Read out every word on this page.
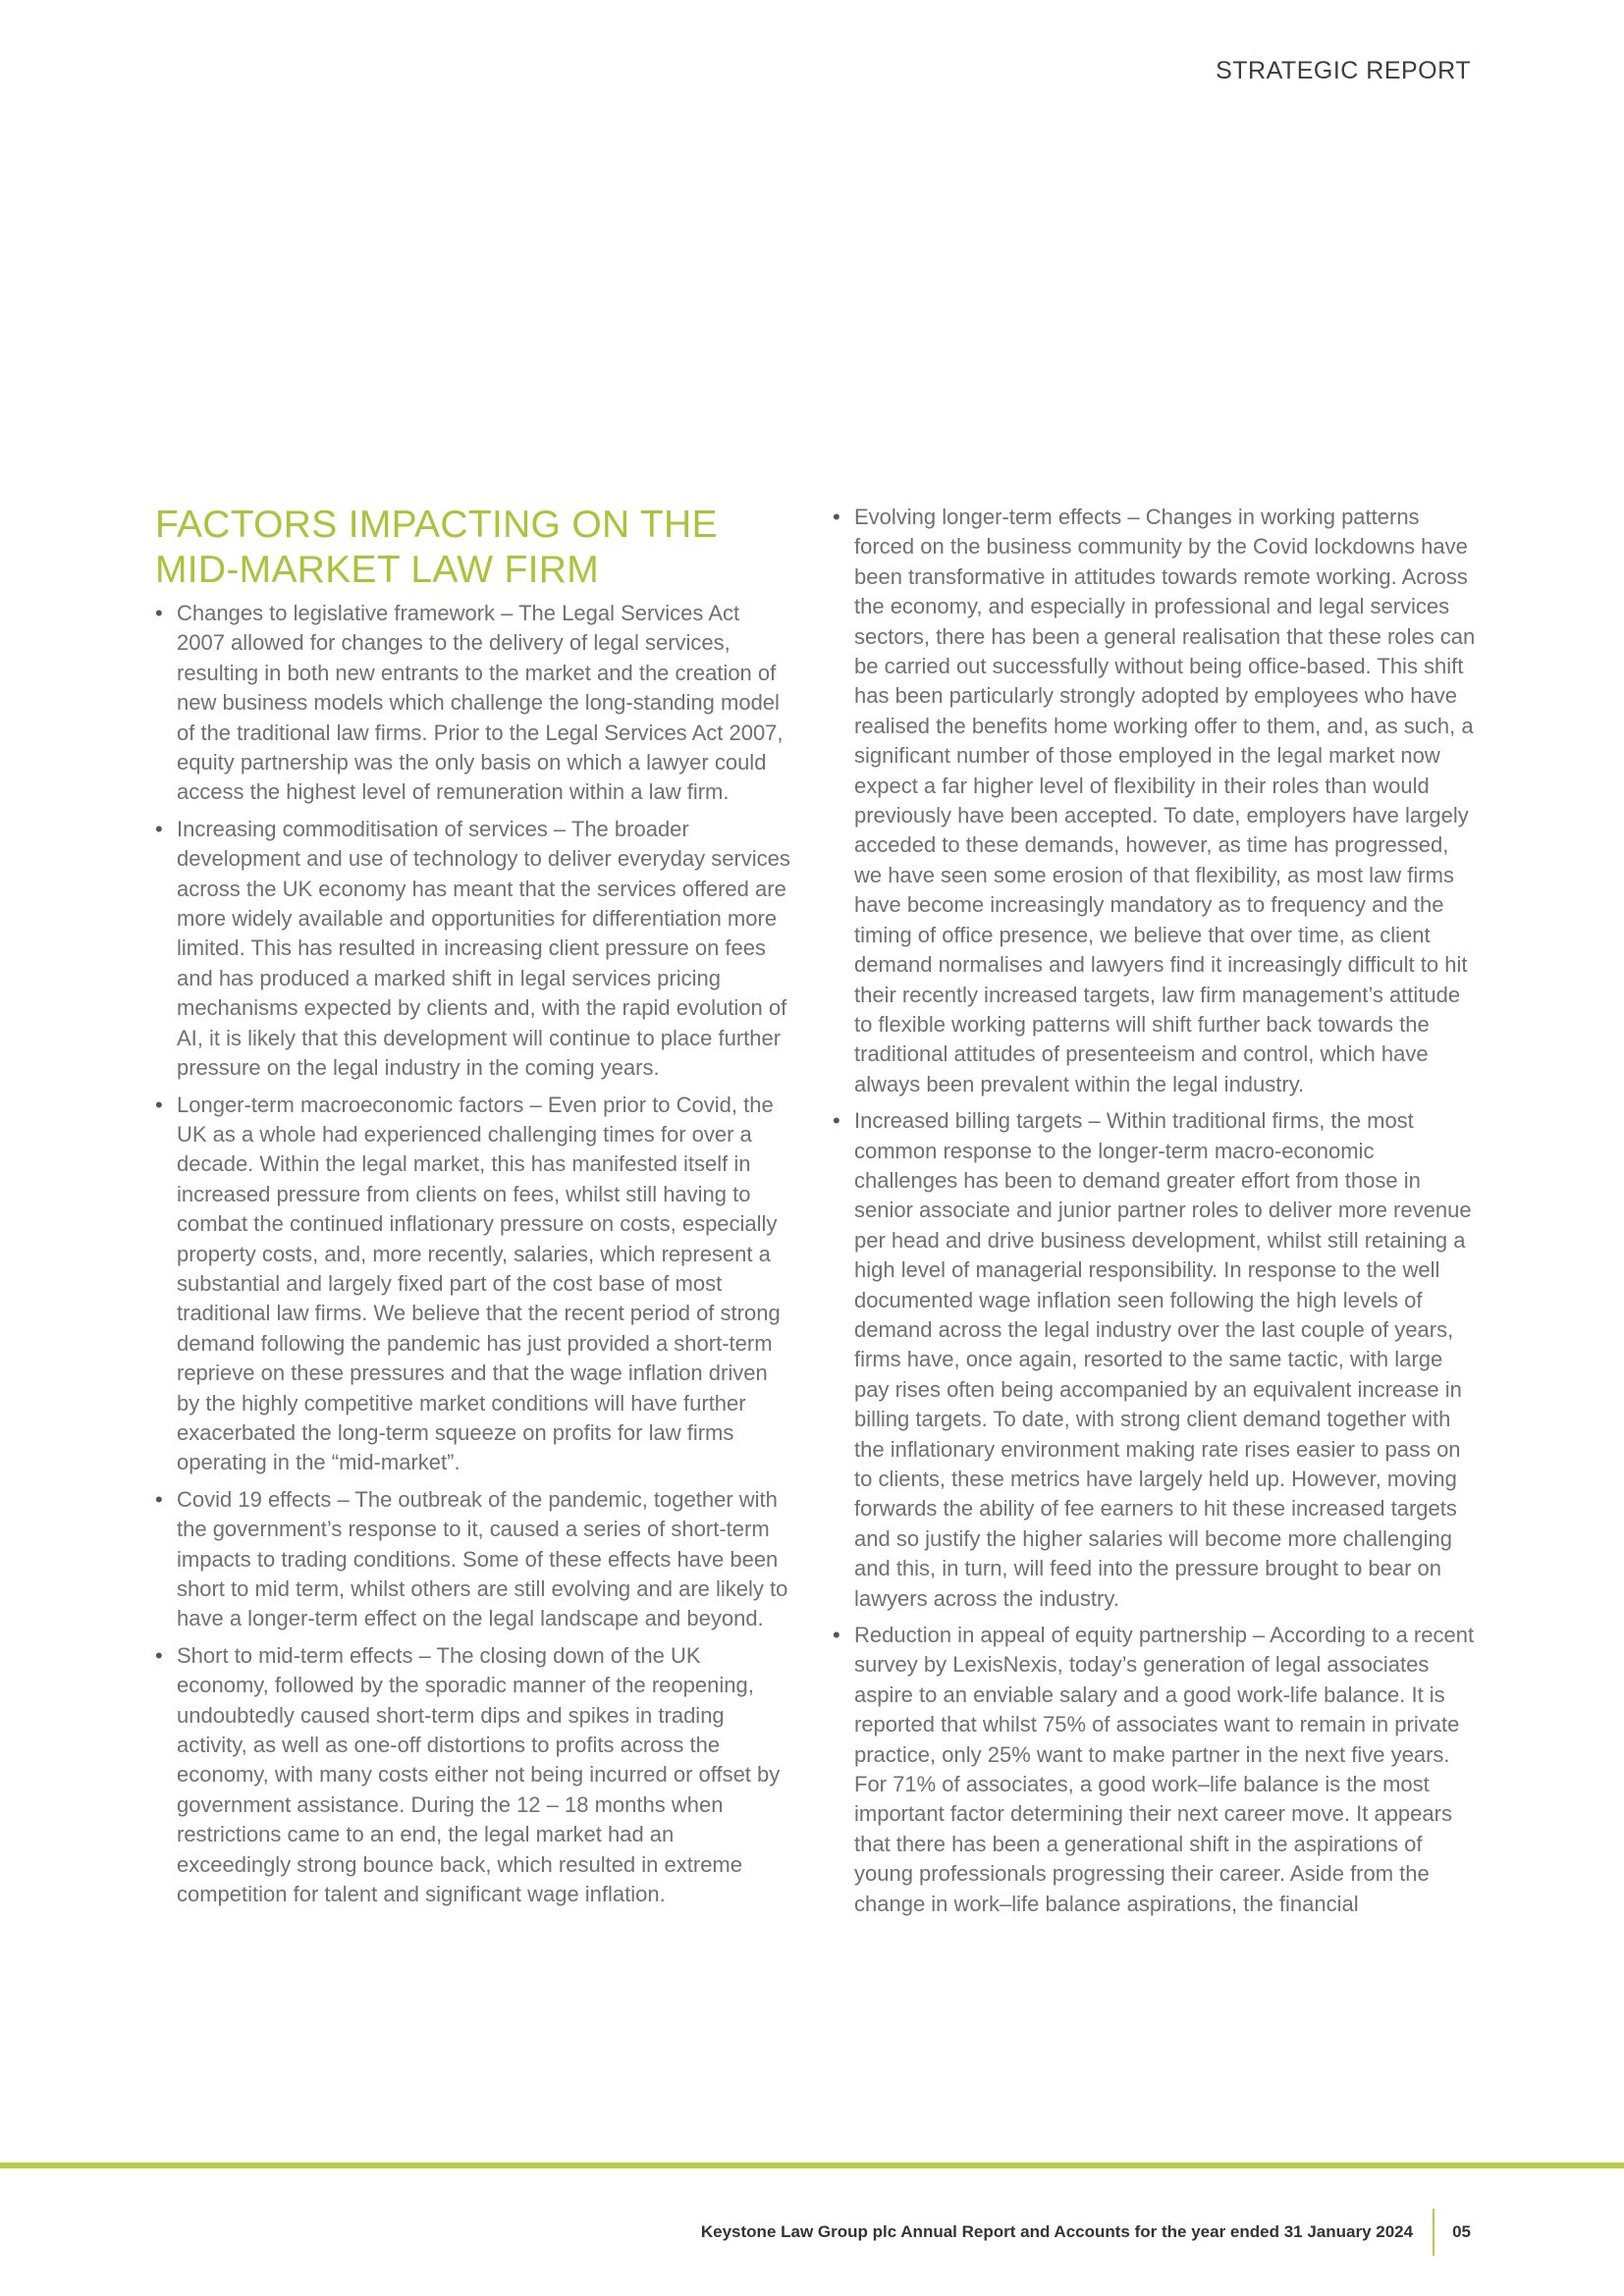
STRATEGIC REPORT
FACTORS IMPACTING ON THE
MID-MARKET LAW FIRM
• Changes to legislative framework – The Legal Services Act 2007 allowed for changes to the delivery of legal services, resulting in both new entrants to the market and the creation of new business models which challenge the long-standing model of the traditional law firms. Prior to the Legal Services Act 2007, equity partnership was the only basis on which a lawyer could access the highest level of remuneration within a law firm.
• Increasing commoditisation of services – The broader development and use of technology to deliver everyday services across the UK economy has meant that the services offered are more widely available and opportunities for differentiation more limited. This has resulted in increasing client pressure on fees and has produced a marked shift in legal services pricing mechanisms expected by clients and, with the rapid evolution of AI, it is likely that this development will continue to place further pressure on the legal industry in the coming years.
• Longer-term macroeconomic factors – Even prior to Covid, the UK as a whole had experienced challenging times for over a decade. Within the legal market, this has manifested itself in increased pressure from clients on fees, whilst still having to combat the continued inflationary pressure on costs, especially property costs, and, more recently, salaries, which represent a substantial and largely fixed part of the cost base of most traditional law firms. We believe that the recent period of strong demand following the pandemic has just provided a short-term reprieve on these pressures and that the wage inflation driven by the highly competitive market conditions will have further exacerbated the long-term squeeze on profits for law firms operating in the “mid-market”.
• Covid 19 effects – The outbreak of the pandemic, together with the government’s response to it, caused a series of short-term impacts to trading conditions. Some of these effects have been short to mid term, whilst others are still evolving and are likely to have a longer-term effect on the legal landscape and beyond.
• Short to mid-term effects – The closing down of the UK economy, followed by the sporadic manner of the reopening, undoubtedly caused short-term dips and spikes in trading activity, as well as one-off distortions to profits across the economy, with many costs either not being incurred or offset by government assistance. During the 12 – 18 months when restrictions came to an end, the legal market had an exceedingly strong bounce back, which resulted in extreme competition for talent and significant wage inflation.
• Evolving longer-term effects – Changes in working patterns forced on the business community by the Covid lockdowns have been transformative in attitudes towards remote working. Across the economy, and especially in professional and legal services sectors, there has been a general realisation that these roles can be carried out successfully without being office-based. This shift has been particularly strongly adopted by employees who have realised the benefits home working offer to them, and, as such, a significant number of those employed in the legal market now expect a far higher level of flexibility in their roles than would previously have been accepted. To date, employers have largely acceded to these demands, however, as time has progressed, we have seen some erosion of that flexibility, as most law firms have become increasingly mandatory as to frequency and the timing of office presence, we believe that over time, as client demand normalises and lawyers find it increasingly difficult to hit their recently increased targets, law firm management’s attitude to flexible working patterns will shift further back towards the traditional attitudes of presenteeism and control, which have always been prevalent within the legal industry.
• Increased billing targets – Within traditional firms, the most common response to the longer-term macro-economic challenges has been to demand greater effort from those in senior associate and junior partner roles to deliver more revenue per head and drive business development, whilst still retaining a high level of managerial responsibility. In response to the well documented wage inflation seen following the high levels of demand across the legal industry over the last couple of years, firms have, once again, resorted to the same tactic, with large pay rises often being accompanied by an equivalent increase in billing targets. To date, with strong client demand together with the inflationary environment making rate rises easier to pass on to clients, these metrics have largely held up. However, moving forwards the ability of fee earners to hit these increased targets and so justify the higher salaries will become more challenging and this, in turn, will feed into the pressure brought to bear on lawyers across the industry.
• Reduction in appeal of equity partnership – According to a recent survey by LexisNexis, today’s generation of legal associates aspire to an enviable salary and a good work-life balance. It is reported that whilst 75% of associates want to remain in private practice, only 25% want to make partner in the next five years. For 71% of associates, a good work–life balance is the most important factor determining their next career move. It appears that there has been a generational shift in the aspirations of young professionals progressing their career. Aside from the change in work–life balance aspirations, the financial
Keystone Law Group plc Annual Report and Accounts for the year ended 31 January 2024 05
